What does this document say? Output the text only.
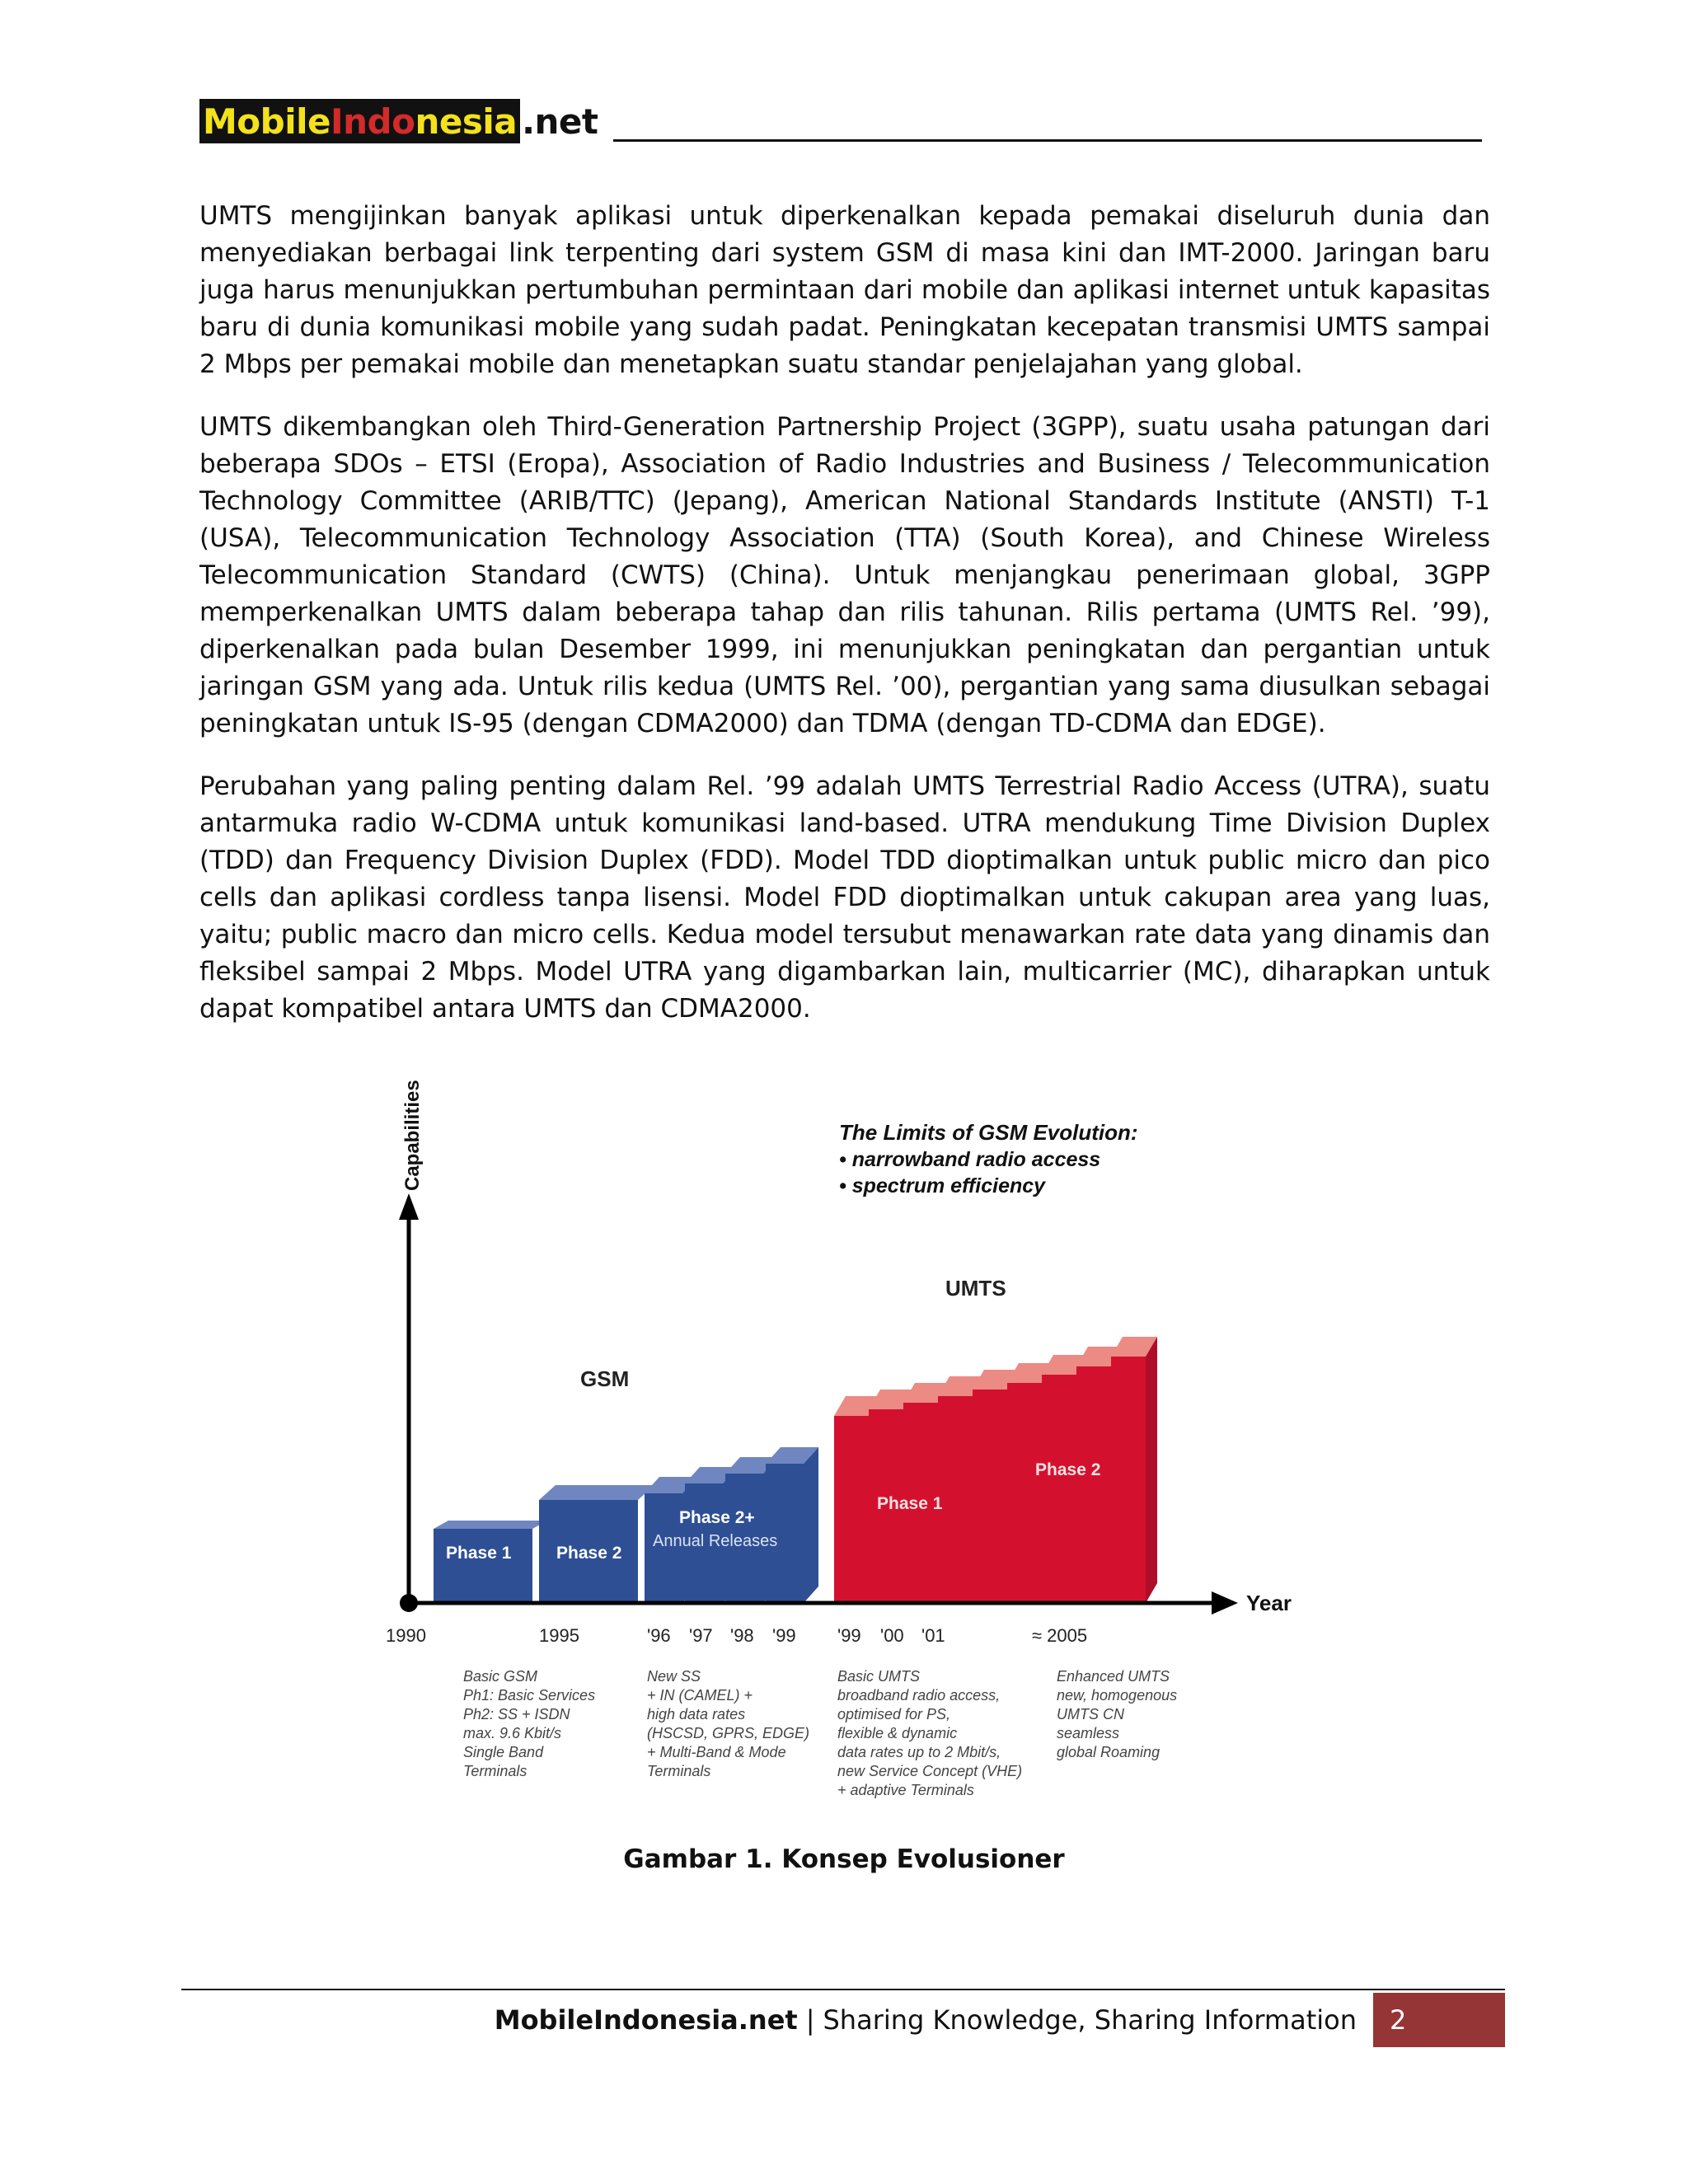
Mobile Indo nesia .net

UMTS mengijinkan banyak aplikasi untuk diperkenalkan kepada pemakai diseluruh dunia dan menyediakan berbagai link terpenting dari system GSM di masa kini dan IMT-2000. Jaringan baru juga harus menunjukkan pertumbuhan permintaan dari mobile dan aplikasi internet untuk kapasitas baru di dunia komunikasi mobile yang sudah padat. Peningkatan kecepatan transmisi UMTS sampai 2 Mbps per pemakai mobile dan menetapkan suatu standar penjelajahan yang global.

UMTS dikembangkan oleh Third-Generation Partnership Project (3GPP), suatu usaha patungan dari beberapa SDOs – ETSI (Eropa), Association of Radio Industries and Business / Telecommunication Technology Committee (ARIB/TTC) (Jepang), American National Standards Institute (ANSTI) T-1 (USA), Telecommunication Technology Association (TTA) (South Korea), and Chinese Wireless Telecommunication Standard (CWTS) (China). Untuk menjangkau penerimaan global, 3GPP memperkenalkan UMTS dalam beberapa tahap dan rilis tahunan. Rilis pertama (UMTS Rel. ’99), diperkenalkan pada bulan Desember 1999, ini menunjukkan peningkatan dan pergantian untuk jaringan GSM yang ada. Untuk rilis kedua (UMTS Rel. ’00), pergantian yang sama diusulkan sebagai peningkatan untuk IS-95 (dengan CDMA2000) dan TDMA (dengan TD-CDMA dan EDGE).

Perubahan yang paling penting dalam Rel. ’99 adalah UMTS Terrestrial Radio Access (UTRA), suatu antarmuka radio W-CDMA untuk komunikasi land-based. UTRA mendukung Time Division Duplex (TDD) dan Frequency Division Duplex (FDD). Model TDD dioptimalkan untuk public micro dan pico cells dan aplikasi cordless tanpa lisensi. Model FDD dioptimalkan untuk cakupan area yang luas, yaitu; public macro dan micro cells. Kedua model tersubut menawarkan rate data yang dinamis dan fleksibel sampai 2 Mbps. Model UTRA yang digambarkan lain, multicarrier (MC), diharapkan untuk dapat kompatibel antara UMTS dan CDMA2000.

Capabilities
Year
The Limits of GSM Evolution:
• narrowband radio access
• spectrum efficiency
GSM
UMTS
Phase 1	Phase 2
Phase 2+
Annual Releases
Phase 1
Phase 2
1990	1995	'96 '97 '98 '99 '99 '00 '01	≈ 2005
Basic GSM
Ph1: Basic Services
Ph2: SS + ISDN
max. 9.6 Kbit/s
Single Band
Terminals
New SS
+ IN (CAMEL) +
high data rates
(HSCSD, GPRS, EDGE)
+ Multi-Band & Mode
Terminals
Basic UMTS
broadband radio access,
optimised for PS,
flexible & dynamic
data rates up to 2 Mbit/s,
new Service Concept (VHE)
+ adaptive Terminals
Enhanced UMTS
new, homogenous
UMTS CN
seamless
global Roaming
Gambar 1. Konsep Evolusioner
MobileIndonesia.net | Sharing Knowledge, Sharing Information	2
